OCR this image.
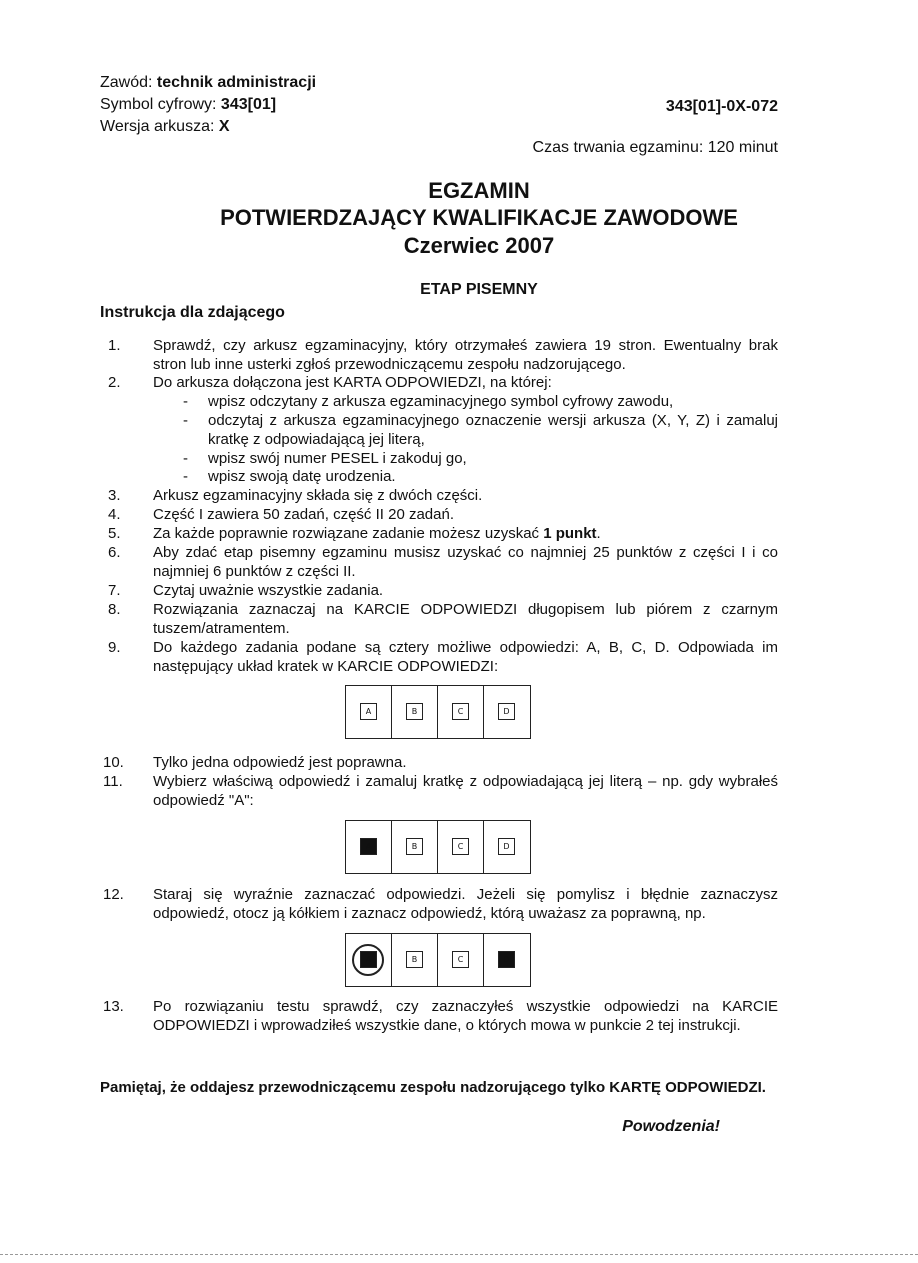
Zawód: technik administracji
Symbol cyfrowy: 343[01]
Wersja arkusza: X
343[01]-0X-072
Czas trwania egzaminu: 120 minut
EGZAMIN
POTWIERDZAJĄCY KWALIFIKACJE ZAWODOWE
Czerwiec 2007
ETAP PISEMNY
Instrukcja dla zdającego
1.	Sprawdź, czy arkusz egzaminacyjny, który otrzymałeś zawiera 19 stron. Ewentualny brak stron lub inne usterki zgłoś przewodniczącemu zespołu nadzorującego.
2.	Do arkusza dołączona jest KARTA ODPOWIEDZI, na której:
- wpisz odczytany z arkusza egzaminacyjnego symbol cyfrowy zawodu,
- odczytaj z arkusza egzaminacyjnego oznaczenie wersji arkusza (X, Y, Z) i zamaluj kratkę z odpowiadającą jej literą,
- wpisz swój numer PESEL i zakoduj go,
- wpisz swoją datę urodzenia.
3.	Arkusz egzaminacyjny składa się z dwóch części.
4.	Część I zawiera 50 zadań, część II 20 zadań.
5.	Za każde poprawnie rozwiązane zadanie możesz uzyskać 1 punkt.
6.	Aby zdać etap pisemny egzaminu musisz uzyskać co najmniej 25 punktów z części I i co najmniej 6 punktów z części II.
7.	Czytaj uważnie wszystkie zadania.
8.	Rozwiązania zaznaczaj na KARCIE ODPOWIEDZI długopisem lub piórem z czarnym tuszem/atramentem.
9.	Do każdego zadania podane są cztery możliwe odpowiedzi: A, B, C, D. Odpowiada im następujący układ kratek w KARCIE ODPOWIEDZI:
A	B	C	D
10. Tylko jedna odpowiedź jest poprawna.
11. Wybierz właściwą odpowiedź i zamaluj kratkę z odpowiadającą jej literą – np. gdy wybrałeś odpowiedź "A":
A	B	C	D
12. Staraj się wyraźnie zaznaczać odpowiedzi. Jeżeli się pomylisz i błędnie zaznaczysz odpowiedź, otocz ją kółkiem i zaznacz odpowiedź, którą uważasz za poprawną, np.
A	B	C	D
13. Po rozwiązaniu testu sprawdź, czy zaznaczyłeś wszystkie odpowiedzi na KARCIE ODPOWIEDZI i wprowadziłeś wszystkie dane, o których mowa w punkcie 2 tej instrukcji.
Pamiętaj, że oddajesz przewodniczącemu zespołu nadzorującego tylko KARTĘ ODPOWIEDZI.
Powodzenia!
